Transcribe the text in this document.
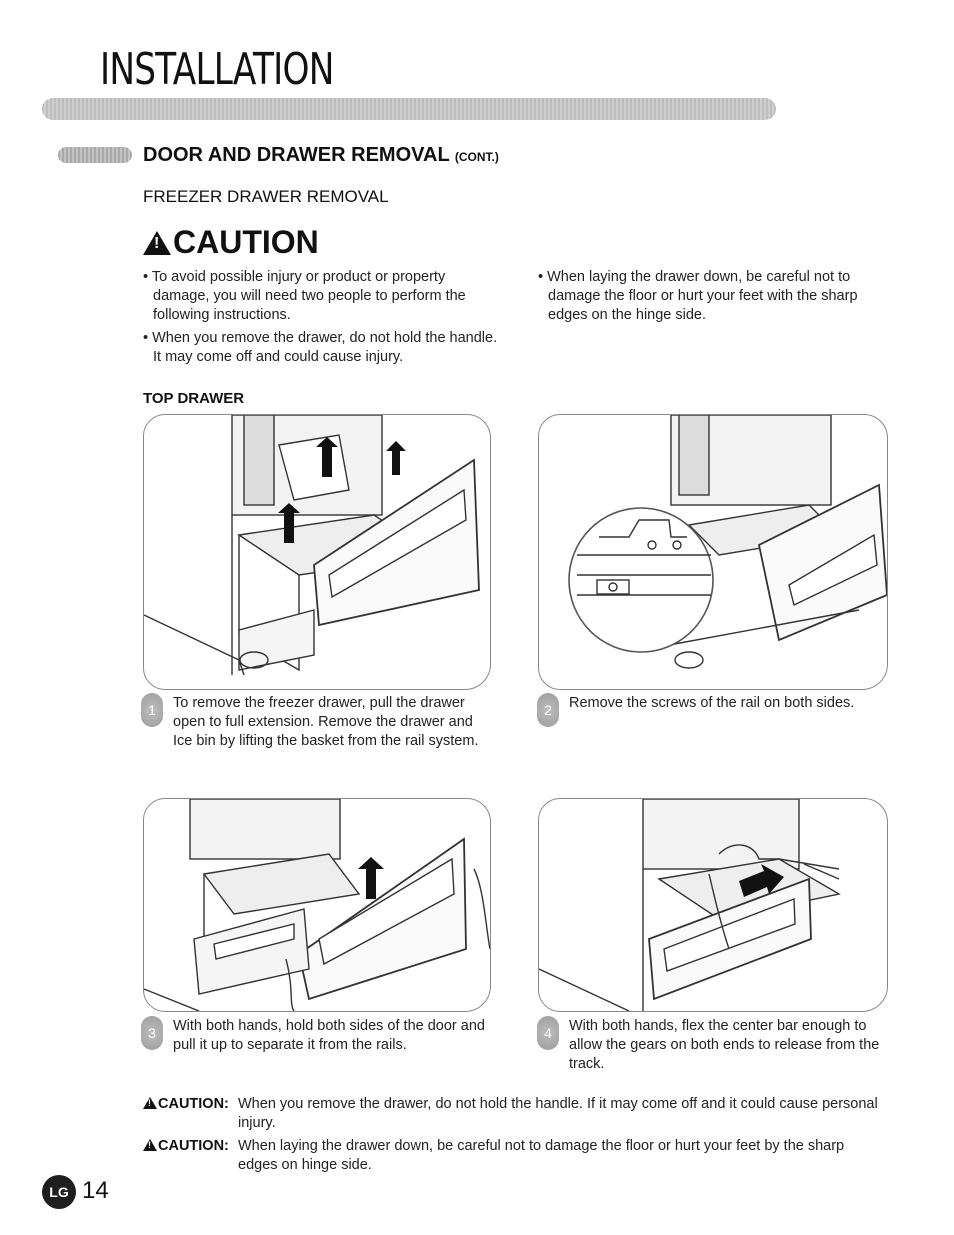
INSTALLATION
DOOR AND DRAWER REMOVAL (CONT.)
FREEZER DRAWER REMOVAL
!
CAUTION

• To avoid possible injury or product or property damage, you will need two people to perform the following instructions.

• When you remove the drawer, do not hold the handle. It may come off and could cause injury.

• When laying the drawer down, be careful not to damage the floor or hurt your feet with the sharp edges on the hinge side.

TOP DRAWER
1	To remove the freezer drawer, pull the drawer open to full extension. Remove the drawer and Ice bin by lifting the basket from the rail system.
2	Remove the screws of the rail on both sides.
3	With both hands, hold both sides of the door and pull it up to separate it from the rails.
4	With both hands, flex the center bar enough to allow the gears on both ends to release from the track.
!CAUTION: When you remove the drawer, do not hold the handle. If it may come off and it could cause personal injury.
!CAUTION: When laying the drawer down, be careful not to damage the floor or hurt your feet by the sharp edges on hinge side.
LG 14
